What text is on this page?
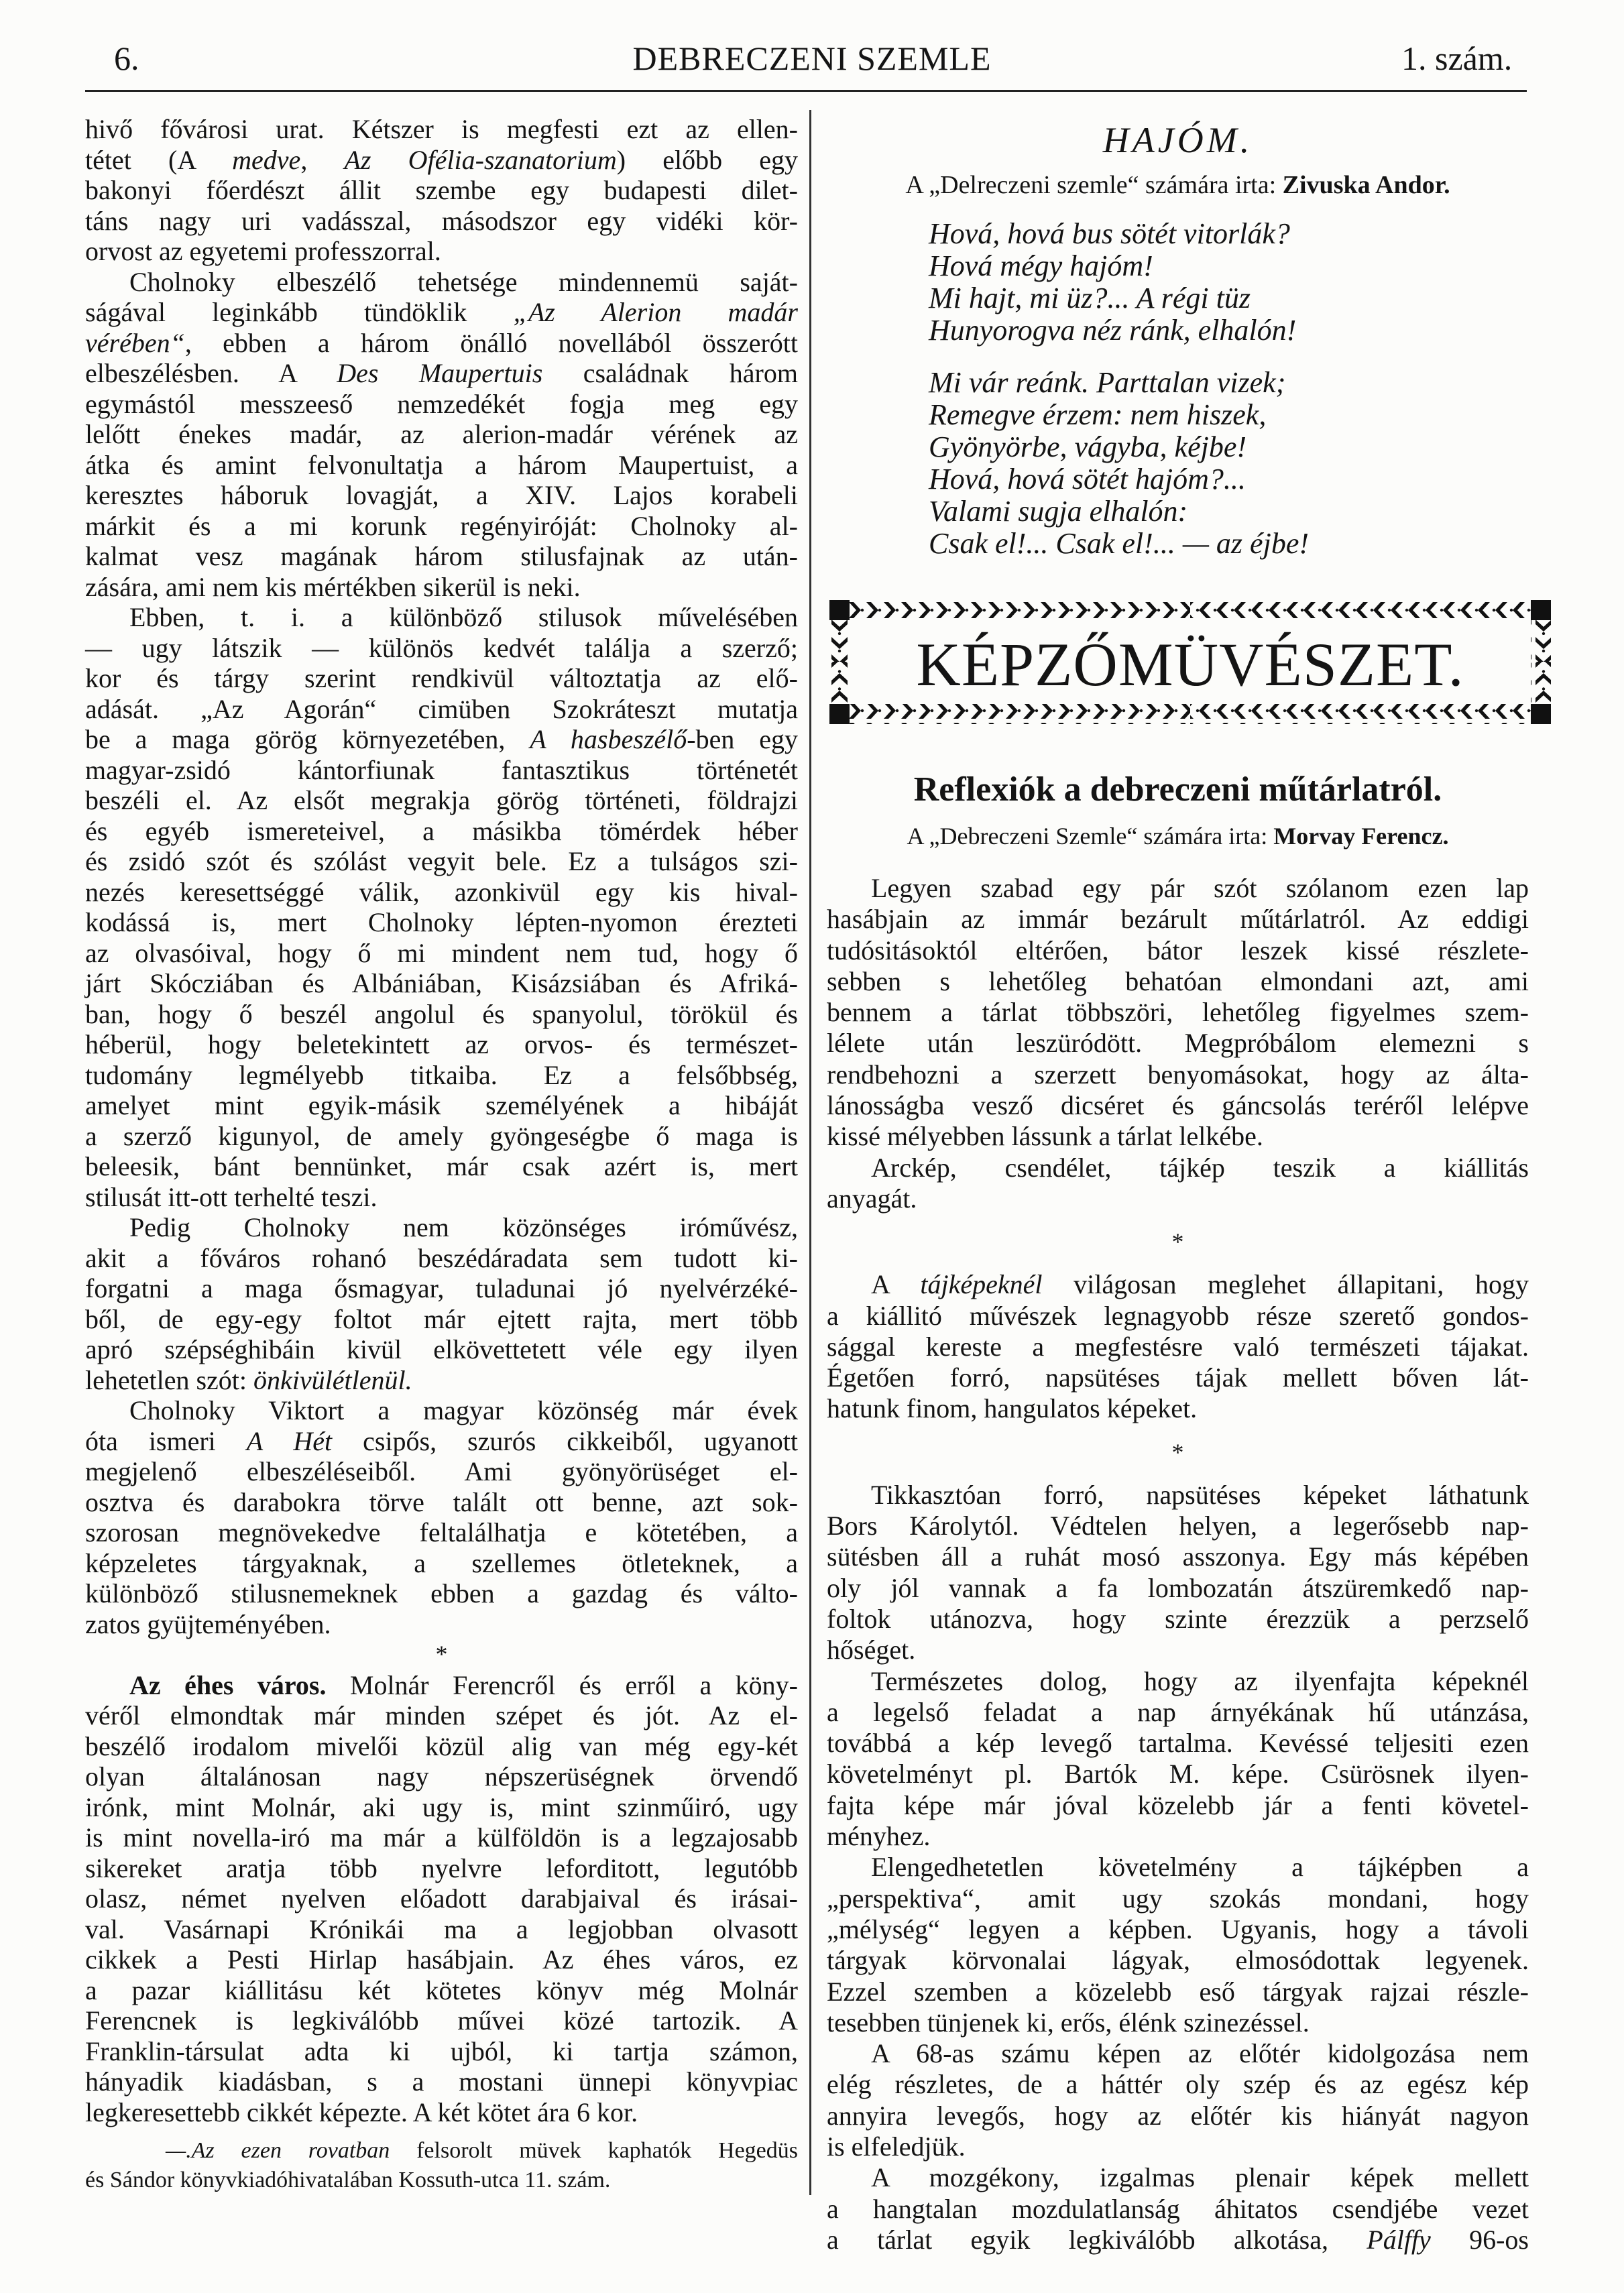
6.	DEBRECZENI SZEMLE	1. szám.
hivő fővárosi urat. Kétszer is megfesti ezt az ellen-
tétet (A medve, Az Ofélia-szanatorium) előbb egy
bakonyi főerdészt állit szembe egy budapesti dilet-
táns nagy uri vadásszal, másodszor egy vidéki kör-
orvost az egyetemi professzorral.
Cholnoky elbeszélő tehetsége mindennemü saját-
ságával leginkább tündöklik „Az Alerion madár
vérében“, ebben a három önálló novellából összerótt
elbeszélésben. A Des Maupertuis családnak három
egymástól messzeeső nemzedékét fogja meg egy
lelőtt énekes madár, az alerion-madár vérének az
átka és amint felvonultatja a három Maupertuist, a
keresztes háboruk lovagját, a XIV. Lajos korabeli
márkit és a mi korunk regényiróját: Cholnoky al-
kalmat vesz magának három stilusfajnak az után-
zására, ami nem kis mértékben sikerül is neki.
Ebben, t. i. a különböző stilusok művelésében
— ugy látszik — különös kedvét találja a szerző;
kor és tárgy szerint rendkivül változtatja az elő-
adását. „Az Agorán“ cimüben Szokráteszt mutatja
be a maga görög környezetében, A hasbeszélő-ben egy
magyar-zsidó kántorfiunak fantasztikus történetét
beszéli el. Az elsőt megrakja görög történeti, földrajzi
és egyéb ismereteivel, a másikba tömérdek héber
és zsidó szót és szólást vegyit bele. Ez a tulságos szi-
nezés keresettséggé válik, azonkivül egy kis hival-
kodássá is, mert Cholnoky lépten-nyomon érezteti
az olvasóival, hogy ő mi mindent nem tud, hogy ő
járt Skócziában és Albániában, Kisázsiában és Afriká-
ban, hogy ő beszél angolul és spanyolul, törökül és
héberül, hogy beletekintett az orvos- és természet-
tudomány legmélyebb titkaiba. Ez a felsőbbség,
amelyet mint egyik-másik személyének a hibáját
a szerző kigunyol, de amely gyöngeségbe ő maga is
beleesik, bánt bennünket, már csak azért is, mert
stilusát itt-ott terhelté teszi.
Pedig Cholnoky nem közönséges iróművész,
akit a főváros rohanó beszédáradata sem tudott ki-
forgatni a maga ősmagyar, tuladunai jó nyelvérzéké-
ből, de egy-egy foltot már ejtett rajta, mert több
apró szépséghibáin kivül elkövettetett véle egy ilyen
lehetetlen szót: önkivülétlenül.
Cholnoky Viktort a magyar közönség már évek
óta ismeri A Hét csipős, szurós cikkeiből, ugyanott
megjelenő elbeszéléseiből. Ami gyönyörüséget el-
osztva és darabokra törve talált ott benne, azt sok-
szorosan megnövekedve feltalálhatja e kötetében, a
képzeletes tárgyaknak, a szellemes ötleteknek, a
különböző stilusnemeknek ebben a gazdag és válto-
zatos gyüjteményében.
*
Az éhes város. Molnár Ferencről és erről a köny-
véről elmondtak már minden szépet és jót. Az el-
beszélő irodalom mivelői közül alig van még egy-két
olyan általánosan nagy népszerüségnek örvendő
irónk, mint Molnár, aki ugy is, mint szinműiró, ugy
is mint novella-iró ma már a külföldön is a legzajosabb
sikereket aratja több nyelvre leforditott, legutóbb
olasz, német nyelven előadott darabjaival és irásai-
val. Vasárnapi Krónikái ma a legjobban olvasott
cikkek a Pesti Hirlap hasábjain. Az éhes város, ez
a pazar kiállitásu két kötetes könyv még Molnár
Ferencnek is legkiválóbb művei közé tartozik. A
Franklin-társulat adta ki ujból, ki tartja számon,
hányadik kiadásban, s a mostani ünnepi könyvpiac
legkeresettebb cikkét képezte. A két kötet ára 6 kor.
—.Az ezen rovatban felsorolt müvek kaphatók Hegedüs
és Sándor könyvkiadóhivatalában Kossuth-utca 11. szám.
HAJÓM.
A „Delreczeni szemle“ számára irta: Zivuska Andor.
Hová, hová bus sötét vitorlák?
Hová mégy hajóm!
Mi hajt, mi üz?... A régi tüz
Hunyorogva néz ránk, elhalón!
Mi vár reánk. Parttalan vizek;
Remegve érzem: nem hiszek,
Gyönyörbe, vágyba, kéjbe!
Hová, hová sötét hajóm?...
Valami sugja elhalón:
Csak el!... Csak el!... — az éjbe!
KÉPZŐMÜVÉSZET.
Reflexiók a debreczeni műtárlatról.
A „Debreczeni Szemle“ számára irta: Morvay Ferencz.
Legyen szabad egy pár szót szólanom ezen lap
hasábjain az immár bezárult műtárlatról. Az eddigi
tudósitásoktól eltérően, bátor leszek kissé részlete-
sebben s lehetőleg behatóan elmondani azt, ami
bennem a tárlat többszöri, lehetőleg figyelmes szem-
lélete után leszüródött. Megpróbálom elemezni s
rendbehozni a szerzett benyomásokat, hogy az álta-
lánosságba vesző dicséret és gáncsolás teréről lelépve
kissé mélyebben lássunk a tárlat lelkébe.
Arckép, csendélet, tájkép teszik a kiállitás
anyagát.
*
A tájképeknél világosan meglehet állapitani, hogy
a kiállitó művészek legnagyobb része szerető gondos-
sággal kereste a megfestésre való természeti tájakat.
Égetően forró, napsütéses tájak mellett bőven lát-
hatunk finom, hangulatos képeket.
*
Tikkasztóan forró, napsütéses képeket láthatunk
Bors Károlytól. Védtelen helyen, a legerősebb nap-
sütésben áll a ruhát mosó asszonya. Egy más képében
oly jól vannak a fa lombozatán átszüremkedő nap-
foltok utánozva, hogy szinte érezzük a perzselő
hőséget.
Természetes dolog, hogy az ilyenfajta képeknél
a legelső feladat a nap árnyékának hű utánzása,
továbbá a kép levegő tartalma. Kevéssé teljesiti ezen
követelményt pl. Bartók M. képe. Csürösnek ilyen-
fajta képe már jóval közelebb jár a fenti követel-
ményhez.
Elengedhetetlen követelmény a tájképben a
„perspektiva“, amit ugy szokás mondani, hogy
„mélység“ legyen a képben. Ugyanis, hogy a távoli
tárgyak körvonalai lágyak, elmosódottak legyenek.
Ezzel szemben a közelebb eső tárgyak rajzai részle-
tesebben tünjenek ki, erős, élénk szinezéssel.
A 68-as számu képen az előtér kidolgozása nem
elég részletes, de a háttér oly szép és az egész kép
annyira levegős, hogy az előtér kis hiányát nagyon
is elfeledjük.
A mozgékony, izgalmas plenair képek mellett
a hangtalan mozdulatlanság áhitatos csendjébe vezet
a tárlat egyik legkiválóbb alkotása, Pálffy 96-os
